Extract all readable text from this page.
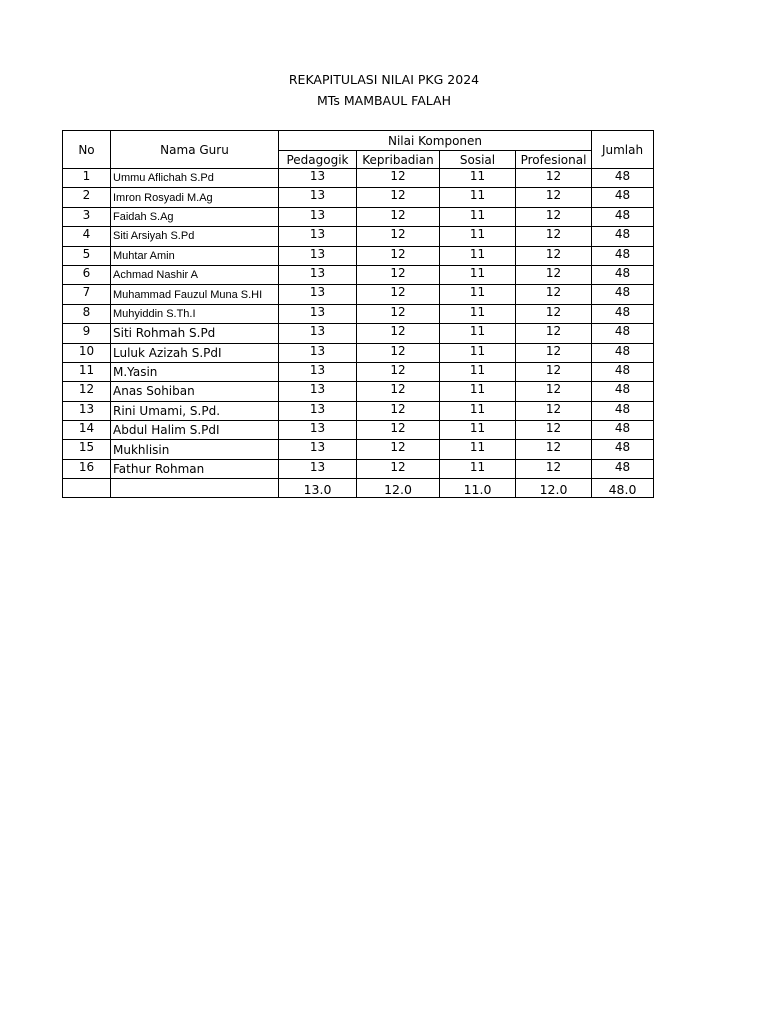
REKAPITULASI NILAI PKG 2024
MTs MAMBAUL FALAH
No	Nama Guru	Nilai Komponen				Jumlah
		Pedagogik	Kepribadian	Sosial	Profesional	
1	Ummu Aflichah S.Pd	13	12	11	12	48
2	Imron Rosyadi M.Ag	13	12	11	12	48
3	Faidah S.Ag	13	12	11	12	48
4	Siti Arsiyah S.Pd	13	12	11	12	48
5	Muhtar Amin	13	12	11	12	48
6	Achmad Nashir A	13	12	11	12	48
7	Muhammad Fauzul Muna S.HI	13	12	11	12	48
8	Muhyiddin S.Th.I	13	12	11	12	48
9	Siti Rohmah S.Pd	13	12	11	12	48
10	Luluk Azizah S.PdI	13	12	11	12	48
11	M.Yasin	13	12	11	12	48
12	Anas Sohiban	13	12	11	12	48
13	Rini Umami, S.Pd.	13	12	11	12	48
14	Abdul Halim S.PdI	13	12	11	12	48
15	Mukhlisin	13	12	11	12	48
16	Fathur Rohman	13	12	11	12	48
		13.0	12.0	11.0	12.0	48.0
